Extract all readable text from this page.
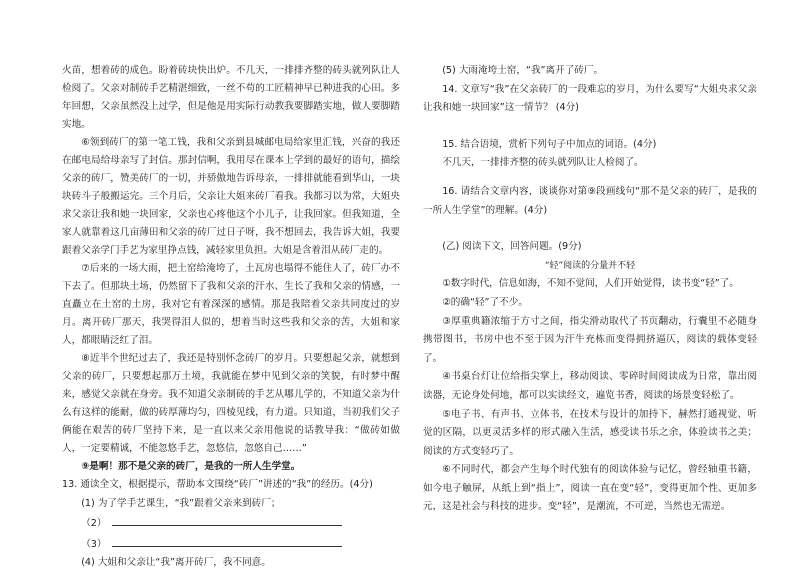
火苗，想着砖的成色。盼着砖块快出炉。不几天，一排排齐整的砖头就列队让人检阅了。父亲对制砖手艺精湛细致，一丝不苟的工匠精神早已种进我的心田。多年回想，父亲虽然没上过学，但是他是用实际行动教我要脚踏实地，做人要脚踏实地。

⑥领到砖厂的第一笔工钱，我和父亲到县城邮电局给家里汇钱，兴奋的我还在邮电局给母亲写了封信。那封信啊，我用尽在课本上学到的最好的语句，描绘父亲的砖厂，赞美砖厂的一切，并骄傲地告诉母亲，一排排就能看到华山，一块块砖斗子般搬运完。三个月后，父亲让大姐来砖厂看我。我都习以为常，大姐央求父亲让我和她一块回家，父亲也心疼他这个小儿子，让我回家。但我知道，全家人就靠着这几亩薄田和父亲的砖厂过日子呀，我不想回去，我告诉大姐，我要跟着父亲学门手艺为家里挣点钱，减轻家里负担。大姐是含着泪从砖厂走的。

⑦后来的一场大雨，把土窑给淹垮了，土瓦房也塌得不能住人了，砖厂办不下去了。但那块土场，仍然留下了我和父亲的汗水、生长了我和父亲的情感，一直矗立在土窑的土房，我对它有着深深的感情。那是我陪着父亲共同度过的岁月。离开砖厂那天，我哭得泪人似的，想着当时这些我和父亲的苦，大姐和家人，都眼睛泛红了泪。

⑧近半个世纪过去了，我还是特别怀念砖厂的岁月。只要想起父亲，就想到父亲的砖厂，只要想起那万土境，我就能在梦中见到父亲的笑貌，有时梦中醒来，感觉父亲就在身旁。我不知道父亲制砖的手艺从哪儿学的，不知道父亲为什么有这样的能耐，做的砖厚薄均匀，四棱见线，有力道。只知道，当初我们父子俩能在艰苦的砖厂坚持下来，是一直以来父亲用他说的话教导我：“做砖如做人，一定要精诚，不能忽悠手艺，忽悠信，忽悠自己……”

⑨是啊！那不是父亲的砖厂，是我的一所人生学堂。

13. 通读全文，根据提示，帮助本文围绕“砖厂”讲述的“我”的经历。(4分)

(1) 为了学手艺课生，“我”跟着父亲来到砖厂；

（2）

（3）

(4) 大姐和父亲让“我”离开砖厂，我不同意。

(5) 大雨淹垮土窑，“我”离开了砖厂。

14. 文章写“我”在父亲砖厂的一段难忘的岁月，为什么要写“大姐央求父亲让我和她一块回家”这一情节？ (4分)

15. 结合语境，赏析下列句子中加点的词语。(4分)

不几天，一排排齐整的砖头就列队让人检阅了。

16. 请结合文章内容，谈谈你对第⑨段画线句“那不是父亲的砖厂，是我的一所人生学堂”的理解。(4分)

(乙) 阅读下文，回答问题。(9分)

“轻”阅读的分量并不轻

①数字时代，信息如海，不知不觉间，人们开始觉得，读书变“轻”了。

②的确“轻”了不少。

③厚重典籍浓缩于方寸之间，指尖滑动取代了书页翻动，行囊里不必随身携带图书，书房中也不至于因为汗牛充栋而变得拥挤逼仄，阅读的载体变轻了。

④书桌台灯让位给指尖掌上，移动阅读、零碎时间阅读成为日常，靠出阅读器，无论身处何地，都可以实读经文，遍览书香，阅读的场景变轻松了。

⑤电子书、有声书、立体书，在技术与设计的加持下，赫然打通视觉、听觉的区隔，以更灵活多样的形式融入生活，感受读书乐之余，体验读书之美；阅读的方式变轻巧了。

⑥不同时代，都会产生每个时代独有的阅读体验与记忆，曾经轴重书籍，如今电子触屏，从纸上到“指上”，阅读一直在变“轻”，变得更加个性、更加多元，这是社会与科技的进步。变“轻”，是潮流，不可逆，当然也无需逆。
